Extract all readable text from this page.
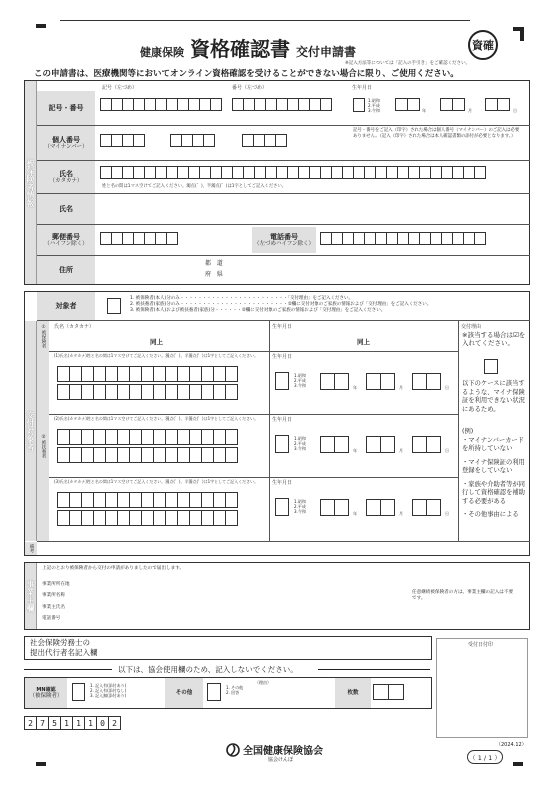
健康保険 資格確認書 交付申請書	資確
※記入方法等については「記入の手引き」をご確認ください。
この申請書は、医療機関等においてオンライン資格確認を受けることができない場合に限り、ご使用ください。
被保険者情報
記号・番号
記号（左づめ）	番号（左づめ）	生年月日
1.昭和
2.平成
3.令和	年	月	日
個人番号
（マイナンバー）
記号・番号をご記入（印字）された場合は個人番号（マイナンバー）のご記入は必要ありません。（記入（印字）された場合は本人確認書類の添付が必要となります。）
氏名
（カタカナ）
姓と名の間は1マス空けてご記入ください。濁点(゛)、半濁点(゜)は1字としてご記入ください。
氏名
郵便番号
（ハイフン除く）
電話番号
（左づめハイフン除く）
住所
都 道
府 県
対象者
1. 被保険者(本人)分のみ・・・・・・・・・・・・・・・・・・・・・・・・「交付理由」をご記入ください。
2. 被扶養者(家族)分のみ・・・・・・・・・・・・・・・・・・・・・・・・②欄に交付対象のご家族の情報および「交付理由」をご記入ください。
3. 被保険者(本人)および被扶養者(家族)分・・・・・・②欄に交付対象のご家族の情報および「交付理由」をご記入ください。
交付対象者
①被保険者
②被扶養者
氏名（カタカナ）	生年月日	交付理由
同上	同上
※該当する場合は☑を入れてください。
以下のケースに該当するような、マイナ保険証を利用できない状況にあるため。
(例)
・マイナンバーカードを所持していない
・マイナ保険証の利用登録をしていない
・家族や介助者等が同行して資格確認を補助する必要がある
・その他事由による
(1)氏名(カタカナ)姓と名の間は1マス空けてご記入ください。濁点(゛)、半濁点(゜)は1字としてご記入ください。	生年月日
1.昭和
2.平成
3.令和	年	月	日
(2)氏名(カタカナ)姓と名の間は1マス空けてご記入ください。濁点(゛)、半濁点(゜)は1字としてご記入ください。	生年月日
1.昭和
2.平成
3.令和	年	月	日
(3)氏名(カタカナ)姓と名の間は1マス空けてご記入ください。濁点(゛)、半濁点(゜)は1字としてご記入ください。	生年月日
1.昭和
2.平成
3.令和	年	月	日
備考
事業主欄
上記のとおり被保険者から交付の申請がありましたので届出します。
事業所所在地
事業所名称
事業主氏名
電話番号
任意継続被保険者の方は、事業主欄の記入は不要です。
社会保険労務士の
提出代行者名記入欄
受付日付印
以下は、協会使用欄のため、記入しないでください。
MN確認
（被保険者）
1. 記入有(添付あり)
2. 記入有(添付なし)
3. 記入無(添付あり)
その他
1. その他
2. 回答
（理由）
枚数
2 7 5 1 1 1 0 2
全国健康保険協会
協会けんぽ
（2024.12）
（ 1 / 1 ）
